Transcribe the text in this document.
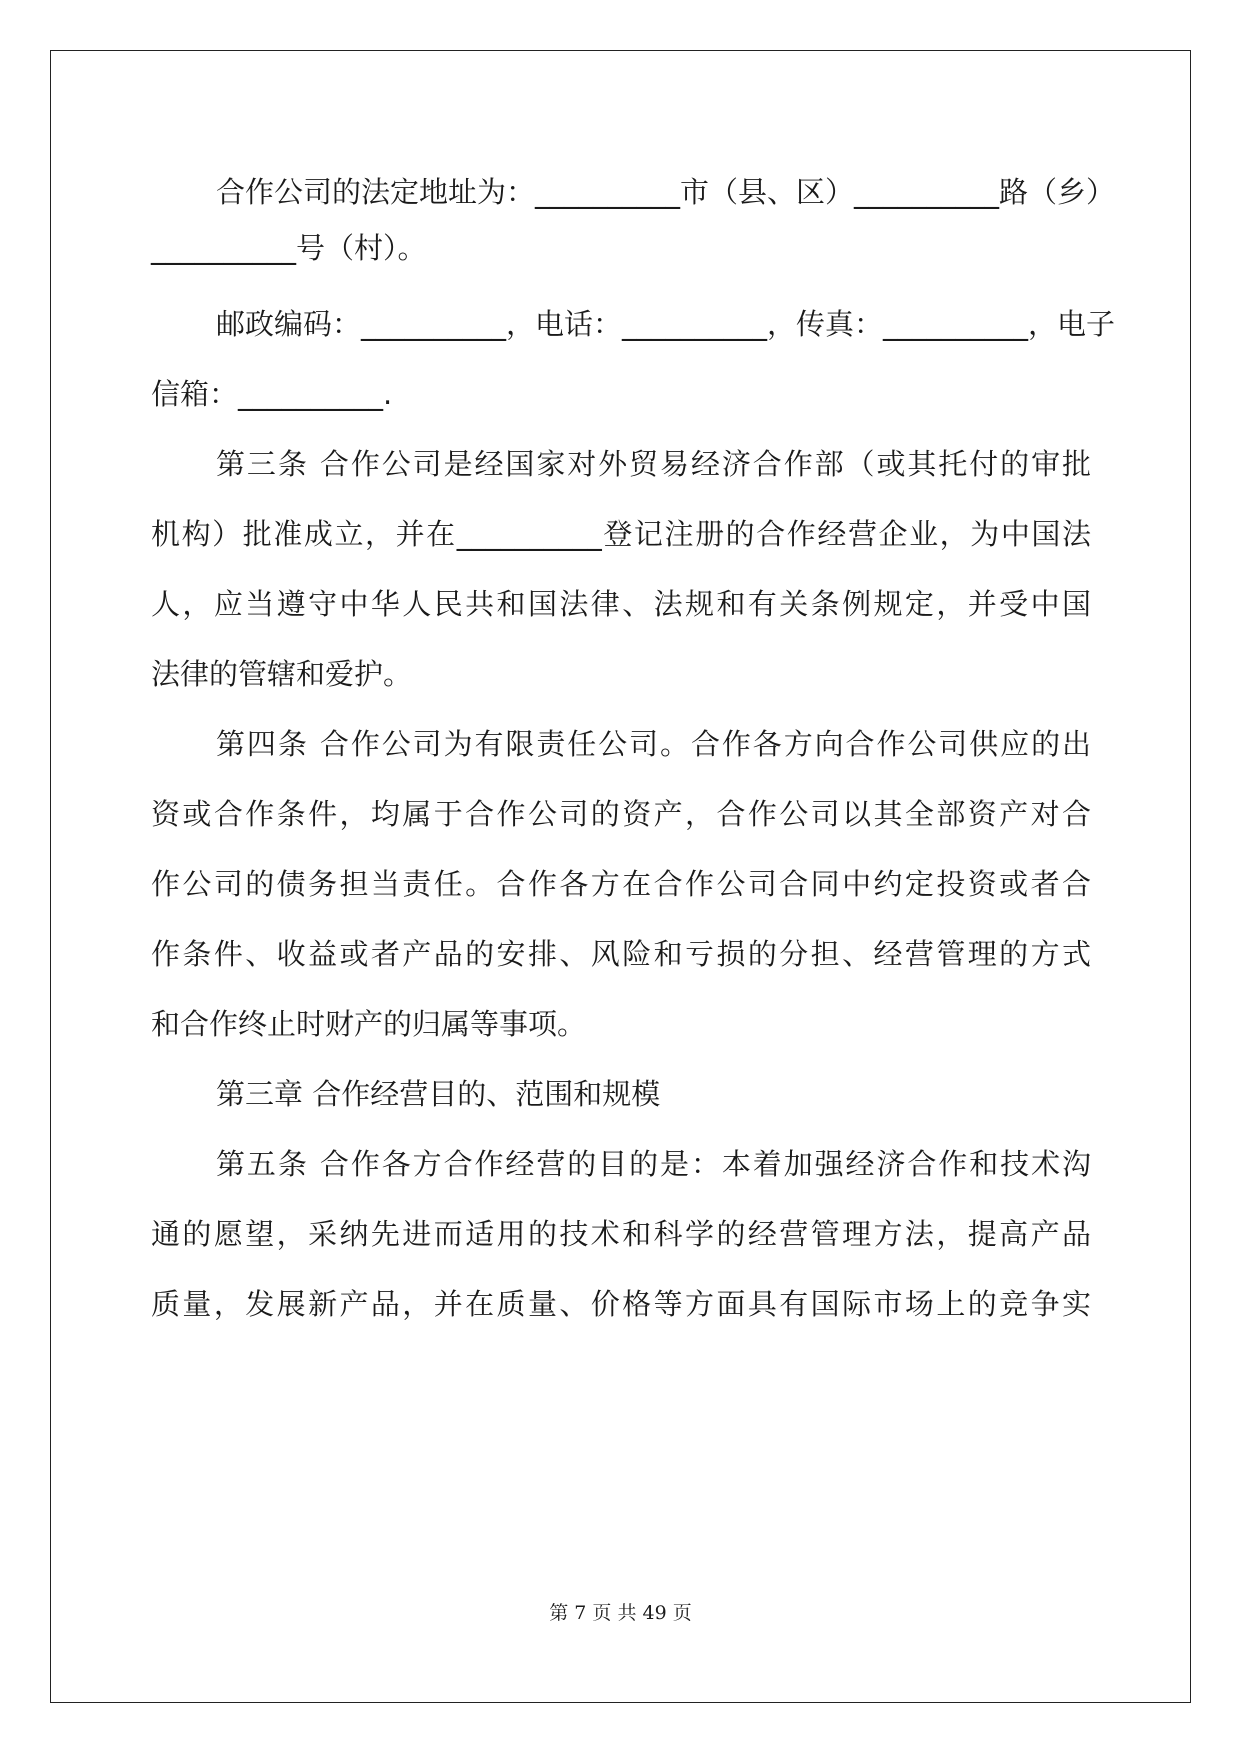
合作公司的法定地址为：__________市（县、区）__________路（乡）

__________号（村）。

邮政编码：__________，电话：__________，传真：__________，电子

信箱：__________.

第三条 合作公司是经国家对外贸易经济合作部（或其托付的审批

机构）批准成立，并在__________登记注册的合作经营企业，为中国法

人，应当遵守中华人民共和国法律、法规和有关条例规定，并受中国

法律的管辖和爱护。

第四条 合作公司为有限责任公司。合作各方向合作公司供应的出

资或合作条件，均属于合作公司的资产，合作公司以其全部资产对合

作公司的债务担当责任。合作各方在合作公司合同中约定投资或者合

作条件、收益或者产品的安排、风险和亏损的分担、经营管理的方式

和合作终止时财产的归属等事项。

第三章 合作经营目的、范围和规模

第五条 合作各方合作经营的目的是：本着加强经济合作和技术沟

通的愿望，采纳先进而适用的技术和科学的经营管理方法，提高产品

质量，发展新产品，并在质量、价格等方面具有国际市场上的竞争实

第 7 页 共 49 页
